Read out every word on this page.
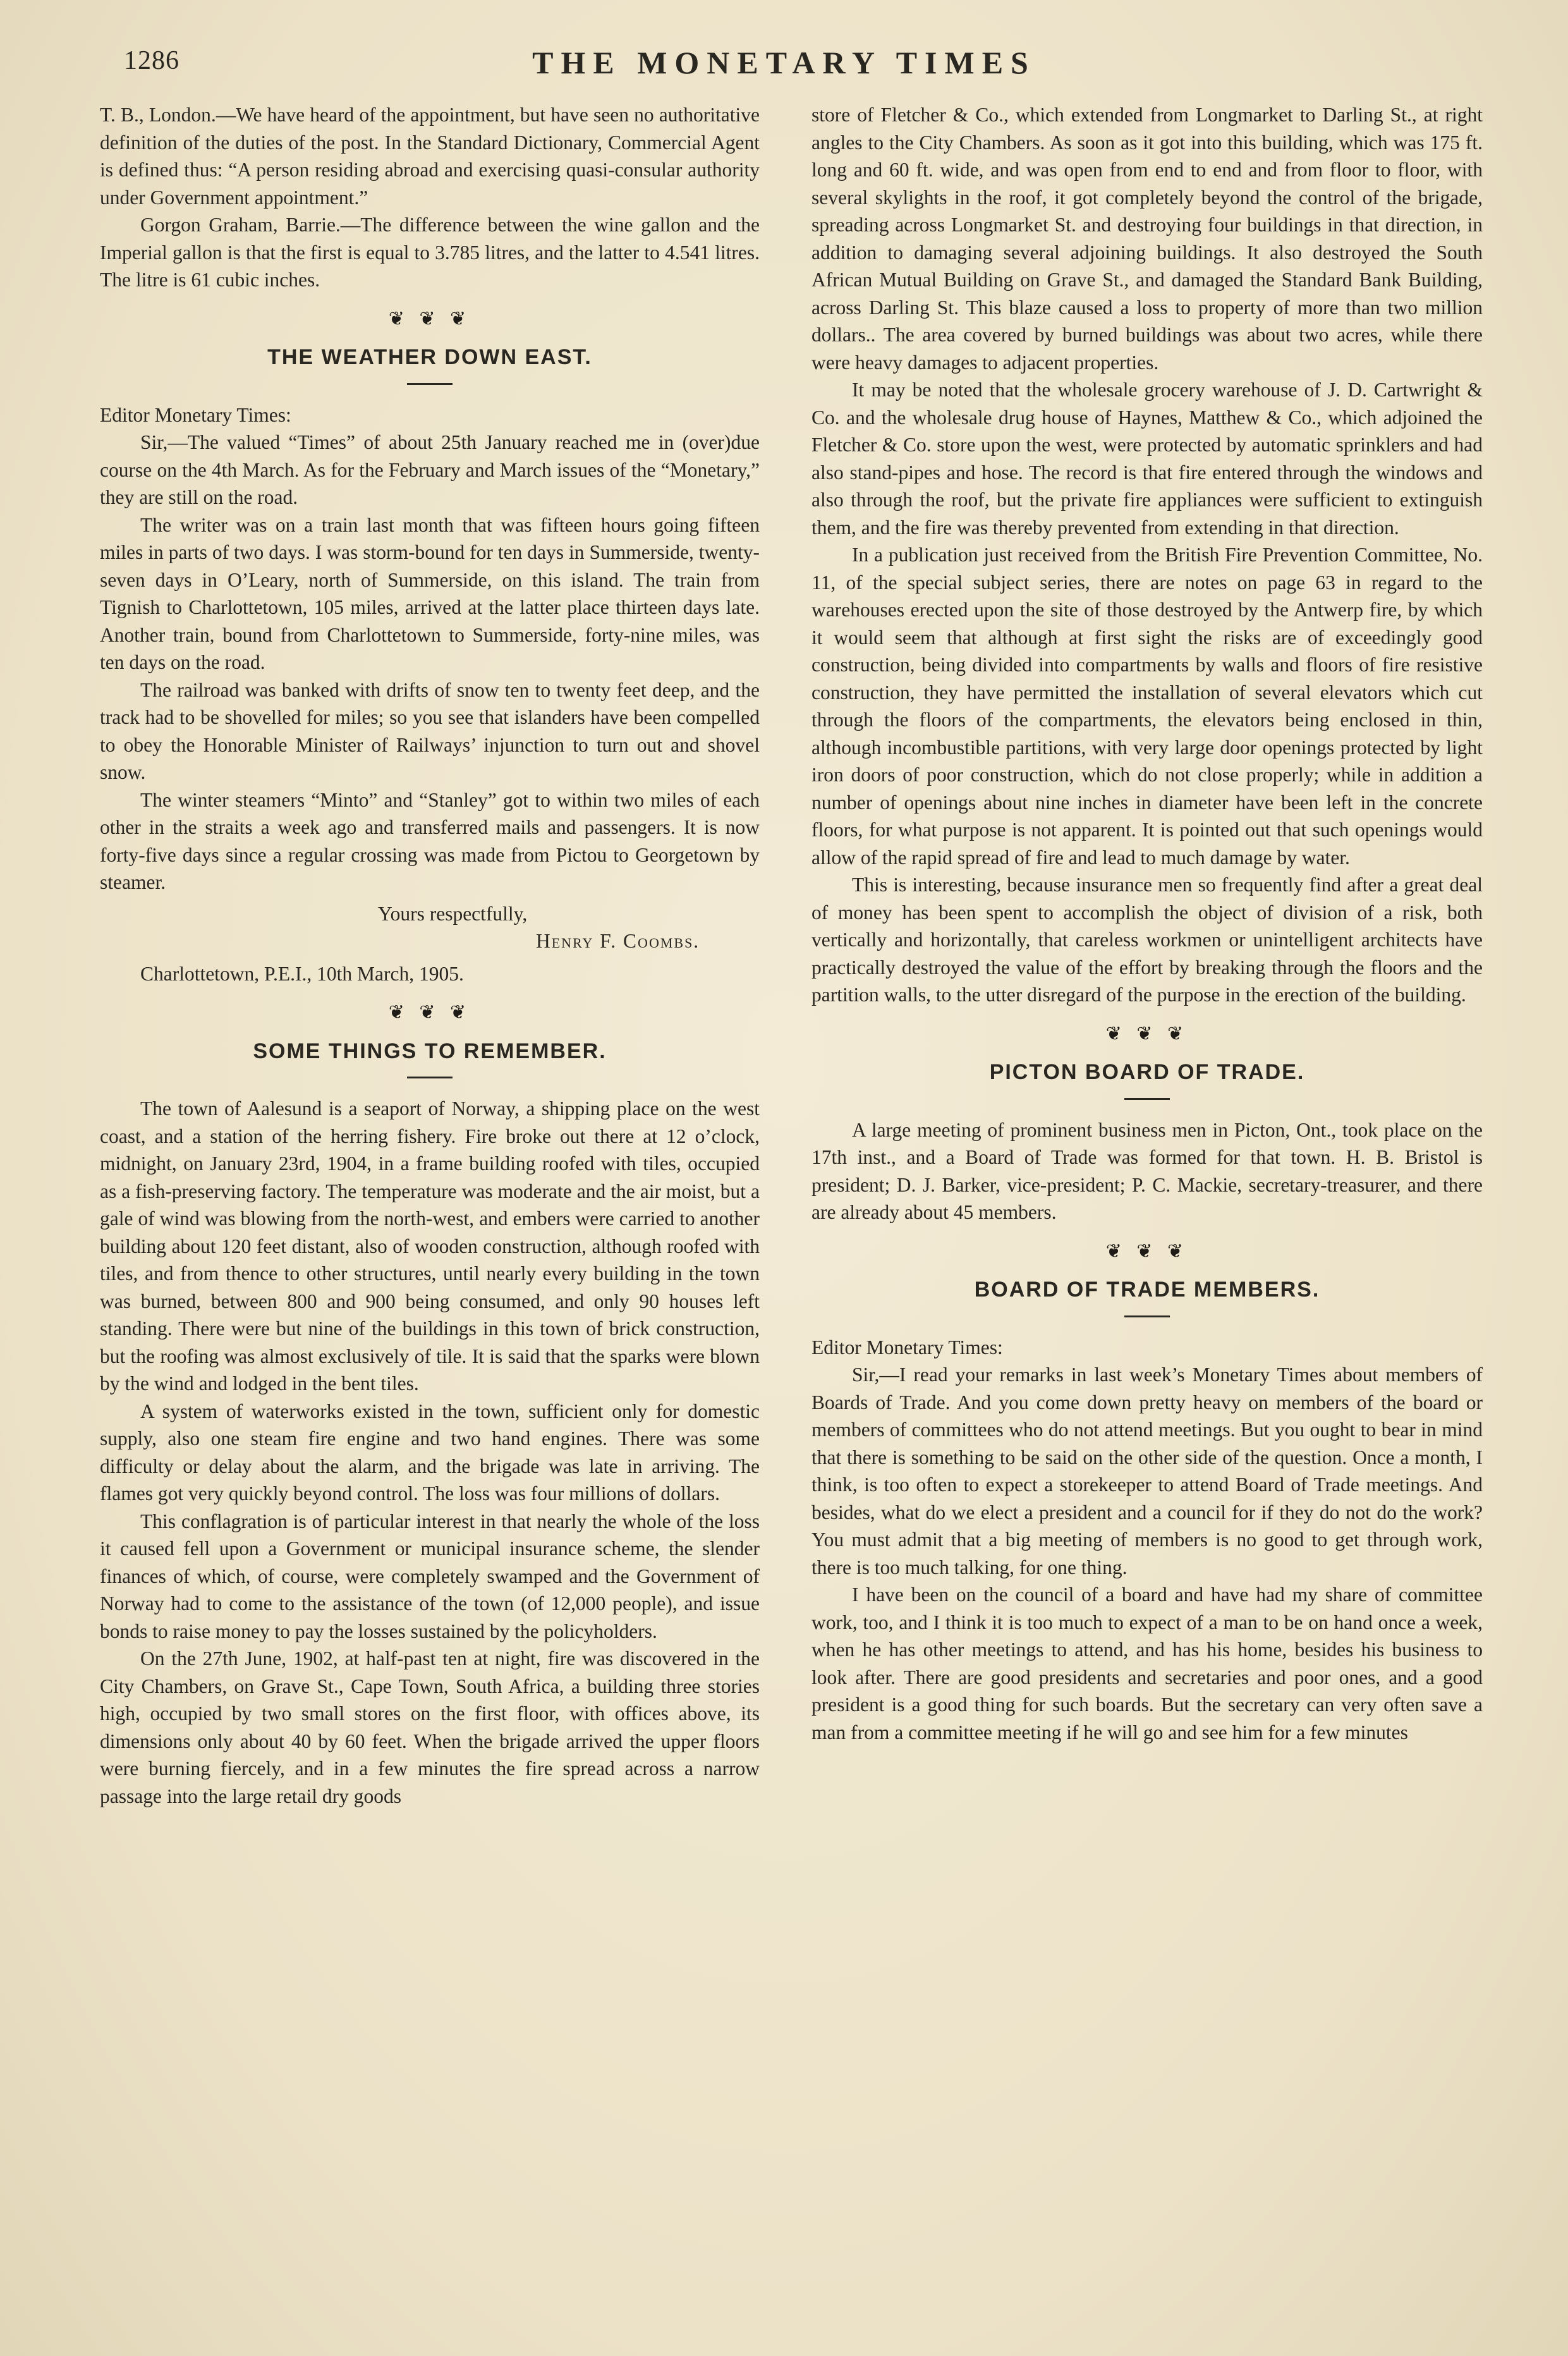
1286	THE MONETARY TIMES

T. B., London.—We have heard of the appointment, but have seen no authoritative definition of the duties of the post. In the Standard Dictionary, Commercial Agent is defined thus: “A person residing abroad and exercising quasi-consular authority under Government appointment.”

Gorgon Graham, Barrie.—The difference between the wine gallon and the Imperial gallon is that the first is equal to 3.785 litres, and the latter to 4.541 litres. The litre is 61 cubic inches.

❦ ❦ ❦
THE WEATHER DOWN EAST.

Editor Monetary Times:

Sir,—The valued “Times” of about 25th January reached me in (over)due course on the 4th March. As for the February and March issues of the “Monetary,” they are still on the road.

The writer was on a train last month that was fifteen hours going fifteen miles in parts of two days. I was storm-bound for ten days in Summerside, twenty-seven days in O’Leary, north of Summerside, on this island. The train from Tignish to Charlottetown, 105 miles, arrived at the latter place thirteen days late. Another train, bound from Charlottetown to Summerside, forty-nine miles, was ten days on the road.

The railroad was banked with drifts of snow ten to twenty feet deep, and the track had to be shovelled for miles; so you see that islanders have been compelled to obey the Honorable Minister of Railways’ injunction to turn out and shovel snow.

The winter steamers “Minto” and “Stanley” got to within two miles of each other in the straits a week ago and transferred mails and passengers. It is now forty-five days since a regular crossing was made from Pictou to Georgetown by steamer.

Yours respectfully,
Henry F. Coombs.
Charlottetown, P.E.I., 10th March, 1905.
❦ ❦ ❦
SOME THINGS TO REMEMBER.

The town of Aalesund is a seaport of Norway, a shipping place on the west coast, and a station of the herring fishery. Fire broke out there at 12 o’clock, midnight, on January 23rd, 1904, in a frame building roofed with tiles, occupied as a fish-preserving factory. The temperature was moderate and the air moist, but a gale of wind was blowing from the north-west, and embers were carried to another building about 120 feet distant, also of wooden construction, although roofed with tiles, and from thence to other structures, until nearly every building in the town was burned, between 800 and 900 being consumed, and only 90 houses left standing. There were but nine of the buildings in this town of brick construction, but the roofing was almost exclusively of tile. It is said that the sparks were blown by the wind and lodged in the bent tiles.

A system of waterworks existed in the town, sufficient only for domestic supply, also one steam fire engine and two hand engines. There was some difficulty or delay about the alarm, and the brigade was late in arriving. The flames got very quickly beyond control. The loss was four millions of dollars.

This conflagration is of particular interest in that nearly the whole of the loss it caused fell upon a Government or municipal insurance scheme, the slender finances of which, of course, were completely swamped and the Government of Norway had to come to the assistance of the town (of 12,000 people), and issue bonds to raise money to pay the losses sustained by the policyholders.

On the 27th June, 1902, at half-past ten at night, fire was discovered in the City Chambers, on Grave St., Cape Town, South Africa, a building three stories high, occupied by two small stores on the first floor, with offices above, its dimensions only about 40 by 60 feet. When the brigade arrived the upper floors were burning fiercely, and in a few minutes the fire spread across a narrow passage into the large retail dry goods

store of Fletcher & Co., which extended from Longmarket to Darling St., at right angles to the City Chambers. As soon as it got into this building, which was 175 ft. long and 60 ft. wide, and was open from end to end and from floor to floor, with several skylights in the roof, it got completely beyond the control of the brigade, spreading across Longmarket St. and destroying four buildings in that direction, in addition to damaging several adjoining buildings. It also destroyed the South African Mutual Building on Grave St., and damaged the Standard Bank Building, across Darling St. This blaze caused a loss to property of more than two million dollars.. The area covered by burned buildings was about two acres, while there were heavy damages to adjacent properties.

It may be noted that the wholesale grocery warehouse of J. D. Cartwright & Co. and the wholesale drug house of Haynes, Matthew & Co., which adjoined the Fletcher & Co. store upon the west, were protected by automatic sprinklers and had also stand-pipes and hose. The record is that fire entered through the windows and also through the roof, but the private fire appliances were sufficient to extinguish them, and the fire was thereby prevented from extending in that direction.

In a publication just received from the British Fire Prevention Committee, No. 11, of the special subject series, there are notes on page 63 in regard to the warehouses erected upon the site of those destroyed by the Antwerp fire, by which it would seem that although at first sight the risks are of exceedingly good construction, being divided into compartments by walls and floors of fire resistive construction, they have permitted the installation of several elevators which cut through the floors of the compartments, the elevators being enclosed in thin, although incombustible partitions, with very large door openings protected by light iron doors of poor construction, which do not close properly; while in addition a number of openings about nine inches in diameter have been left in the concrete floors, for what purpose is not apparent. It is pointed out that such openings would allow of the rapid spread of fire and lead to much damage by water.

This is interesting, because insurance men so frequently find after a great deal of money has been spent to accomplish the object of division of a risk, both vertically and horizontally, that careless workmen or unintelligent architects have practically destroyed the value of the effort by breaking through the floors and the partition walls, to the utter disregard of the purpose in the erection of the building.

❦ ❦ ❦
PICTON BOARD OF TRADE.

A large meeting of prominent business men in Picton, Ont., took place on the 17th inst., and a Board of Trade was formed for that town. H. B. Bristol is president; D. J. Barker, vice-president; P. C. Mackie, secretary-treasurer, and there are already about 45 members.

❦ ❦ ❦
BOARD OF TRADE MEMBERS.

Editor Monetary Times:

Sir,—I read your remarks in last week’s Monetary Times about members of Boards of Trade. And you come down pretty heavy on members of the board or members of committees who do not attend meetings. But you ought to bear in mind that there is something to be said on the other side of the question. Once a month, I think, is too often to expect a storekeeper to attend Board of Trade meetings. And besides, what do we elect a president and a council for if they do not do the work? You must admit that a big meeting of members is no good to get through work, there is too much talking, for one thing.

I have been on the council of a board and have had my share of committee work, too, and I think it is too much to expect of a man to be on hand once a week, when he has other meetings to attend, and has his home, besides his business to look after. There are good presidents and secretaries and poor ones, and a good president is a good thing for such boards. But the secretary can very often save a man from a committee meeting if he will go and see him for a few minutes
